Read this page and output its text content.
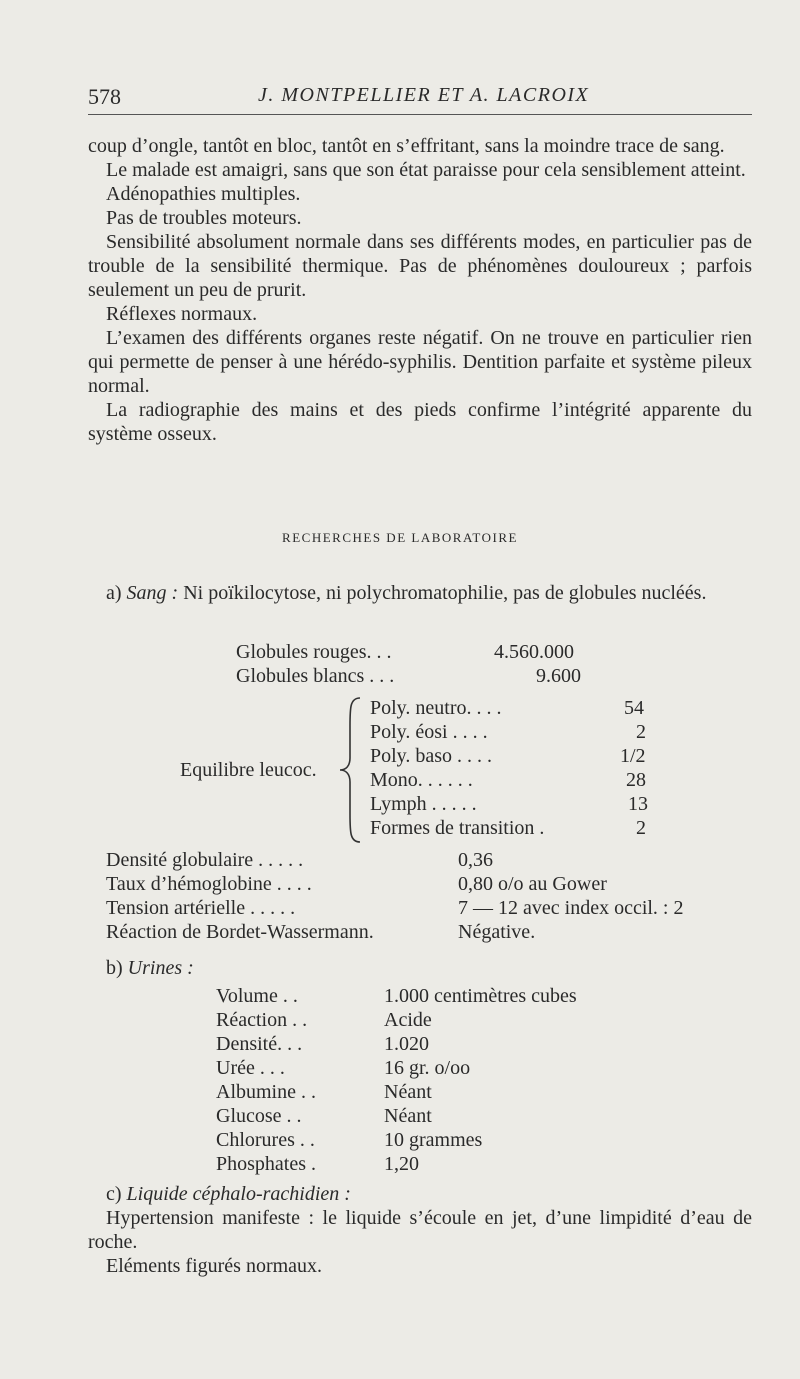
578	J. MONTPELLIER ET A. LACROIX

coup d’ongle, tantôt en bloc, tantôt en s’effritant, sans la moindre trace de sang.

Le malade est amaigri, sans que son état paraisse pour cela sensiblement atteint.

Adénopathies multiples.

Pas de troubles moteurs.

Sensibilité absolument normale dans ses différents modes, en particulier pas de trouble de la sensibilité thermique. Pas de phénomènes douloureux ; parfois seulement un peu de prurit.

Réflexes normaux.

L’examen des différents organes reste négatif. On ne trouve en particulier rien qui permette de penser à une hérédo-syphilis. Dentition parfaite et système pileux normal.

La radiographie des mains et des pieds confirme l’intégrité apparente du système osseux.

RECHERCHES DE LABORATOIRE

a) Sang : Ni poïkilocytose, ni polychromatophilie, pas de globules nucléés.

Globules rouges. . .	4.560.000
Globules blancs . . .	9.600
Equilibre leucoc.
Poly. neutro. . . .	54
Poly. éosi . . . .	2
Poly. baso . . . .	1/2
Mono. . . . . .	28
Lymph . . . . .	13
Formes de transition .	2
Densité globulaire . . . . .	0,36
Taux d’hémoglobine . . . .	0,80 o/o au Gower
Tension artérielle . . . . .	7 — 12 avec index occil. : 2
Réaction de Bordet-Wassermann.	Négative.
b) Urines :
Volume . .	1.000 centimètres cubes
Réaction . .	Acide
Densité. . .	1.020
Urée . . .	16 gr. o/oo
Albumine . .	Néant
Glucose . .	Néant
Chlorures . .	10 grammes
Phosphates .	1,20
c) Liquide céphalo-rachidien :

Hypertension manifeste : le liquide s’écoule en jet, d’une limpidité d’eau de roche.

Eléments figurés normaux.
